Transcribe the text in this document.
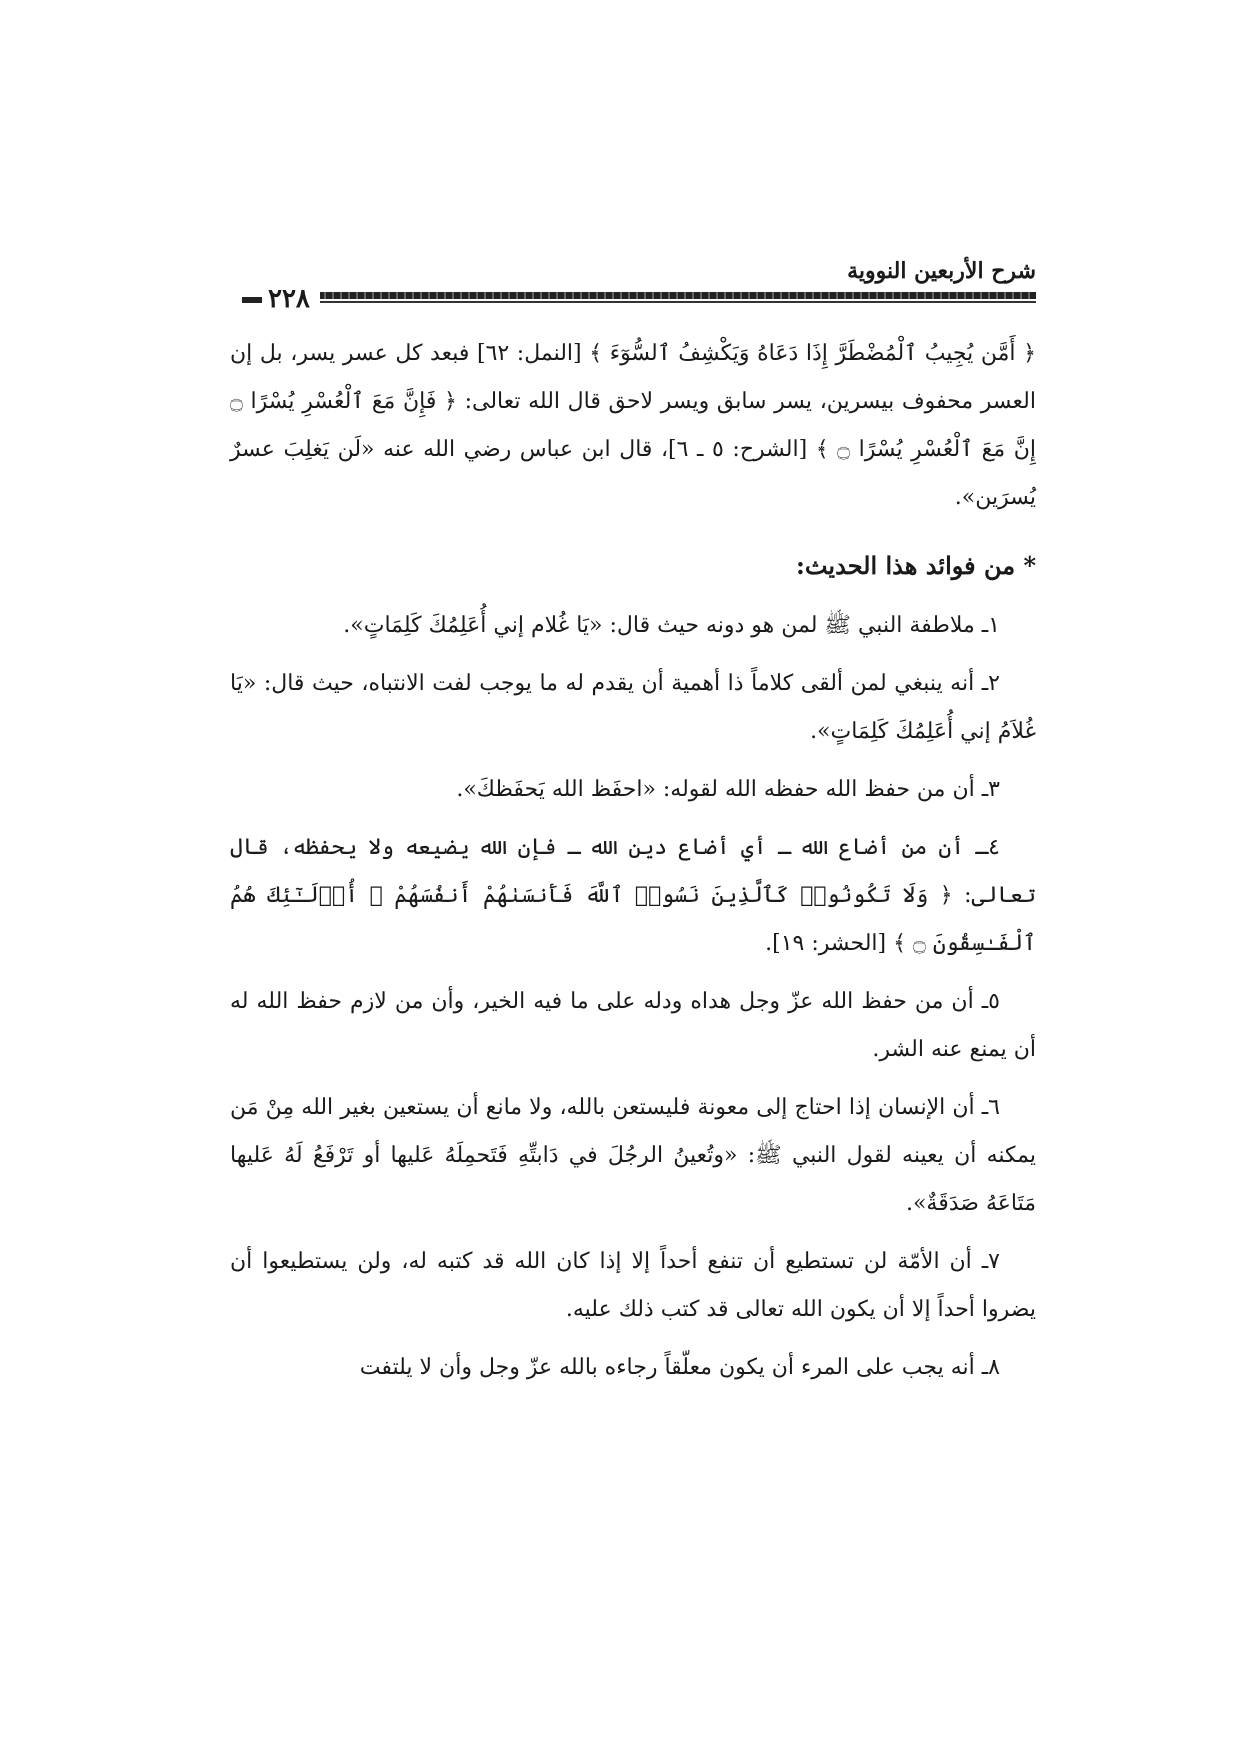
شرح الأربعين النووية
٢٢٨

﴿ أَمَّن يُجِيبُ ٱلْمُضْطَرَّ إِذَا دَعَاهُ وَيَكْشِفُ ٱلسُّوٓءَ ﴾ [النمل: ٦٢] فبعد كل عسر يسر، بل إن العسر محفوف بيسرين، يسر سابق ويسر لاحق قال الله تعالى: ﴿ فَإِنَّ مَعَ ٱلْعُسْرِ يُسْرًا ۝ إِنَّ مَعَ ٱلْعُسْرِ يُسْرًا ۝ ﴾ [الشرح: ٥ ـ ٦]، قال ابن عباس رضي الله عنه «لَن يَغلِبَ عسرٌ يُسرَين».

* من فوائد هذا الحديث:

١ـ ملاطفة النبي ﷺ لمن هو دونه حيث قال: «يَا غُلام إني أُعَلِمُكَ كَلِمَاتٍ».

٢ـ أنه ينبغي لمن ألقى كلاماً ذا أهمية أن يقدم له ما يوجب لفت الانتباه، حيث قال: «يَا غُلاَمُ إني أُعَلِمُكَ كَلِمَاتٍ».

٣ـ أن من حفظ الله حفظه الله لقوله: «احفَظ الله يَحفَظكَ».

٤ـ أن من أضاع الله ـ أي أضاع دين الله ـ فإن الله يضيعه ولا يحفظه، قال تعالى: ﴿ وَلَا تَكُونُوا۟ كَٱلَّذِينَ نَسُوا۟ ٱللَّهَ فَأَنسَىٰهُمْ أَنفُسَهُمْ ۚ أُو۟لَـٰٓئِكَ هُمُ ٱلْفَـٰسِقُونَ ۝ ﴾ [الحشر: ١٩].

٥ـ أن من حفظ الله عزّ وجل هداه ودله على ما فيه الخير، وأن من لازم حفظ الله له أن يمنع عنه الشر.

٦ـ أن الإنسان إذا احتاج إلى معونة فليستعن بالله، ولا مانع أن يستعين بغير الله مِنْ مَن يمكنه أن يعينه لقول النبي ﷺ: «وتُعينُ الرجُلَ في دَابتِّهِ فَتَحمِلَهُ عَليها أو تَرْفَعُ لَهُ عَليها مَتَاعَهُ صَدَقَةٌ».

٧ـ أن الأمّة لن تستطيع أن تنفع أحداً إلا إذا كان الله قد كتبه له، ولن يستطيعوا أن يضروا أحداً إلا أن يكون الله تعالى قد كتب ذلك عليه.

٨ـ أنه يجب على المرء أن يكون معلّقاً رجاءه بالله عزّ وجل وأن لا يلتفت
